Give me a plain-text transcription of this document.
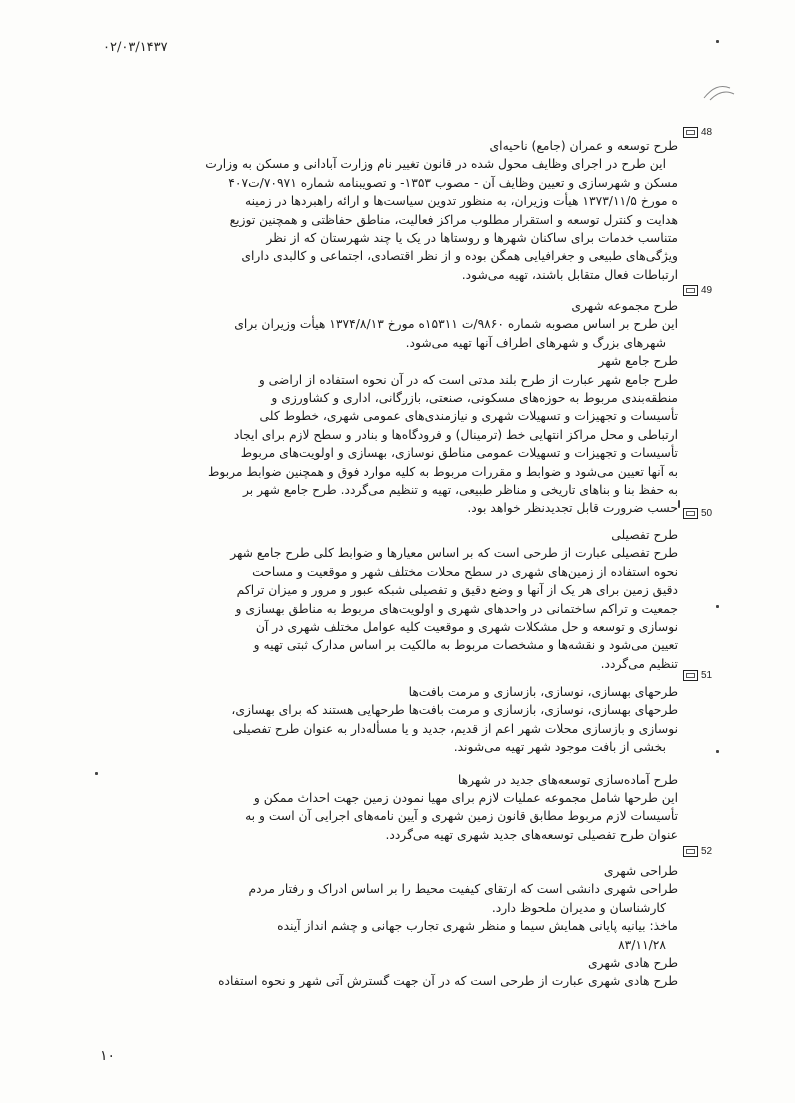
۰۲/۰۳/۱۴۳۷
48
طرح توسعه و عمران (جامع) ناحیه‌ای
این طرح در اجرای وظایف محول شده در قانون تغییر نام وزارت آبادانی و مسکن به وزارت
مسکن و شهرسازی و تعیین وظایف آن - مصوب ۱۳۵۳- و تصویبنامه شماره ۷۰۹۷۱/ت۴۰۷
ه مورخ ۱۳۷۳/۱۱/۵ هیأت وزیران، به منظور تدوین سیاست‌ها و ارائه راهبردها در زمینه
هدایت و کنترل توسعه و استقرار مطلوب مراکز فعالیت، مناطق حفاظتی و همچنین توزیع
متناسب خدمات برای ساکنان شهرها و روستاها در یک یا چند شهرستان که از نظر
ویژگی‌های طبیعی و جغرافیایی همگن بوده و از نظر اقتصادی، اجتماعی و کالبدی دارای
ارتباطات فعال متقابل باشند، تهیه می‌شود.
49
طرح مجموعه شهری
این طرح بر اساس مصوبه شماره ۹۸۶۰/ت ۱۵۳۱۱ه مورخ ۱۳۷۴/۸/۱۳ هیأت وزیران برای
شهرهای بزرگ و شهرهای اطراف آنها تهیه می‌شود.
طرح جامع شهر
طرح جامع شهر عبارت از طرح بلند مدتی است که در آن نحوه استفاده از اراضی و
منطقه‌بندی مربوط به حوزه‌های مسکونی، صنعتی، بازرگانی، اداری و کشاورزی و
تأسیسات و تجهیزات و تسهیلات شهری و نیازمندی‌های عمومی شهری، خطوط کلی
ارتباطی و محل مراکز انتهایی خط (ترمینال) و فرودگاه‌ها و بنادر و سطح لازم برای ایجاد
تأسیسات و تجهیزات و تسهیلات عمومی مناطق نوسازی، بهسازی و اولویت‌های مربوط
به آنها تعیین می‌شود و ضوابط و مقررات مربوط به کلیه موارد فوق و همچنین ضوابط مربوط
به حفظ بنا و بناهای تاریخی و مناظر طبیعی، تهیه و تنظیم می‌گردد. طرح جامع شهر بر
حسب ضرورت قابل تجدیدنظر خواهد بود. 50
طرح تفصیلی
طرح تفصیلی عبارت از طرحی است که بر اساس معیارها و ضوابط کلی طرح جامع شهر
نحوه استفاده از زمین‌های شهری در سطح محلات مختلف شهر و موقعیت و مساحت
دقیق زمین برای هر یک از آنها و وضع دقیق و تفصیلی شبکه عبور و مرور و میزان تراکم
جمعیت و تراکم ساختمانی در واحدهای شهری و اولویت‌های مربوط به مناطق بهسازی و
نوسازی و توسعه و حل مشکلات شهری و موقعیت کلیه عوامل مختلف شهری در آن
تعیین می‌شود و نقشه‌ها و مشخصات مربوط به مالکیت بر اساس مدارک ثبتی تهیه و
تنظیم می‌گردد.
51
طرحهای بهسازی، نوسازی، بازسازی و مرمت بافت‌ها
طرحهای بهسازی، نوسازی، بازسازی و مرمت بافت‌ها طرحهایی هستند که برای بهسازی،
نوسازی و بازسازی محلات شهر اعم از قدیم، جدید و یا مسأله‌دار به عنوان طرح تفصیلی
بخشی از بافت موجود شهر تهیه می‌شوند.
طرح آماده‌سازی توسعه‌های جدید در شهرها
این طرحها شامل مجموعه عملیات لازم برای مهیا نمودن زمین جهت احداث ممکن و
تأسیسات لازم مربوط مطابق قانون زمین شهری و آیین نامه‌های اجرایی آن است و به
عنوان طرح تفصیلی توسعه‌های جدید شهری تهیه می‌گردد.
52
طراحی شهری
طراحی شهری دانشی است که ارتقای کیفیت محیط را بر اساس ادراک و رفتار مردم
کارشناسان و مدیران ملحوظ دارد.
ماخذ: بیانیه پایانی همایش سیما و منظر شهری تجارب جهانی و چشم انداز آینده
۸۳/۱۱/۲۸
طرح هادی شهری
طرح هادی شهری عبارت از طرحی است که در آن جهت گسترش آتی شهر و نحوه استفاده
۱۰
